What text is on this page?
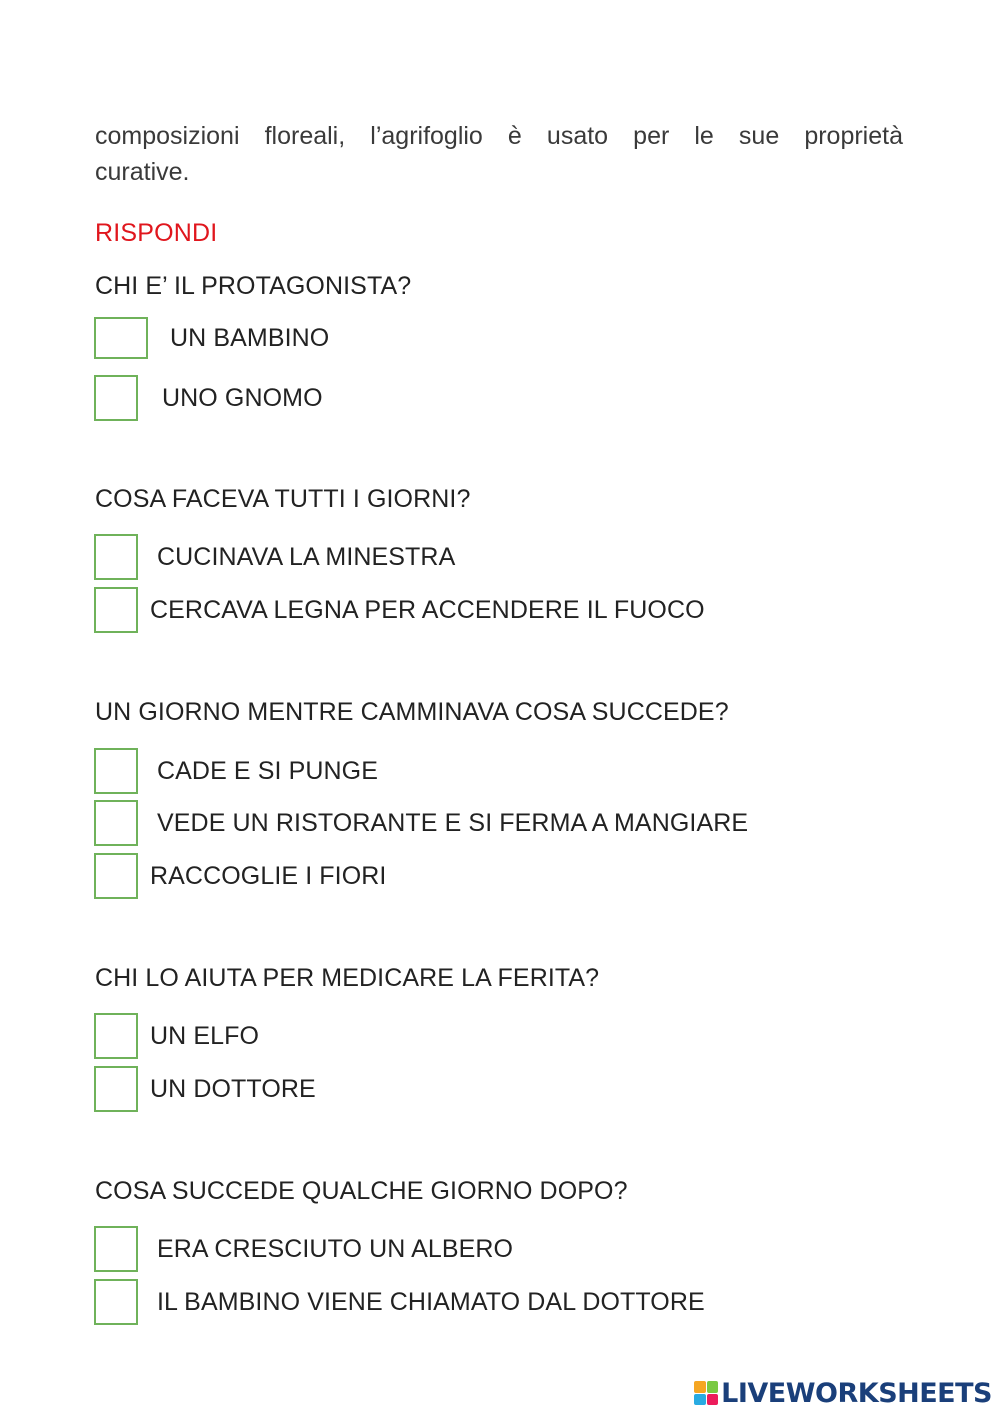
composizioni floreali, l’agrifoglio è usato per le sue proprietà
curative.
RISPONDI
CHI E’ IL PROTAGONISTA?
UN BAMBINO
UNO GNOMO
COSA FACEVA TUTTI I GIORNI?
CUCINAVA LA MINESTRA
CERCAVA LEGNA PER ACCENDERE IL FUOCO
UN GIORNO MENTRE CAMMINAVA COSA SUCCEDE?
CADE E SI PUNGE
VEDE UN RISTORANTE E SI FERMA A MANGIARE
RACCOGLIE I FIORI
CHI LO AIUTA PER MEDICARE LA FERITA?
UN ELFO
UN DOTTORE
COSA SUCCEDE QUALCHE GIORNO DOPO?
ERA CRESCIUTO UN ALBERO
IL BAMBINO VIENE CHIAMATO DAL DOTTORE
LIVEWORKSHEETS
